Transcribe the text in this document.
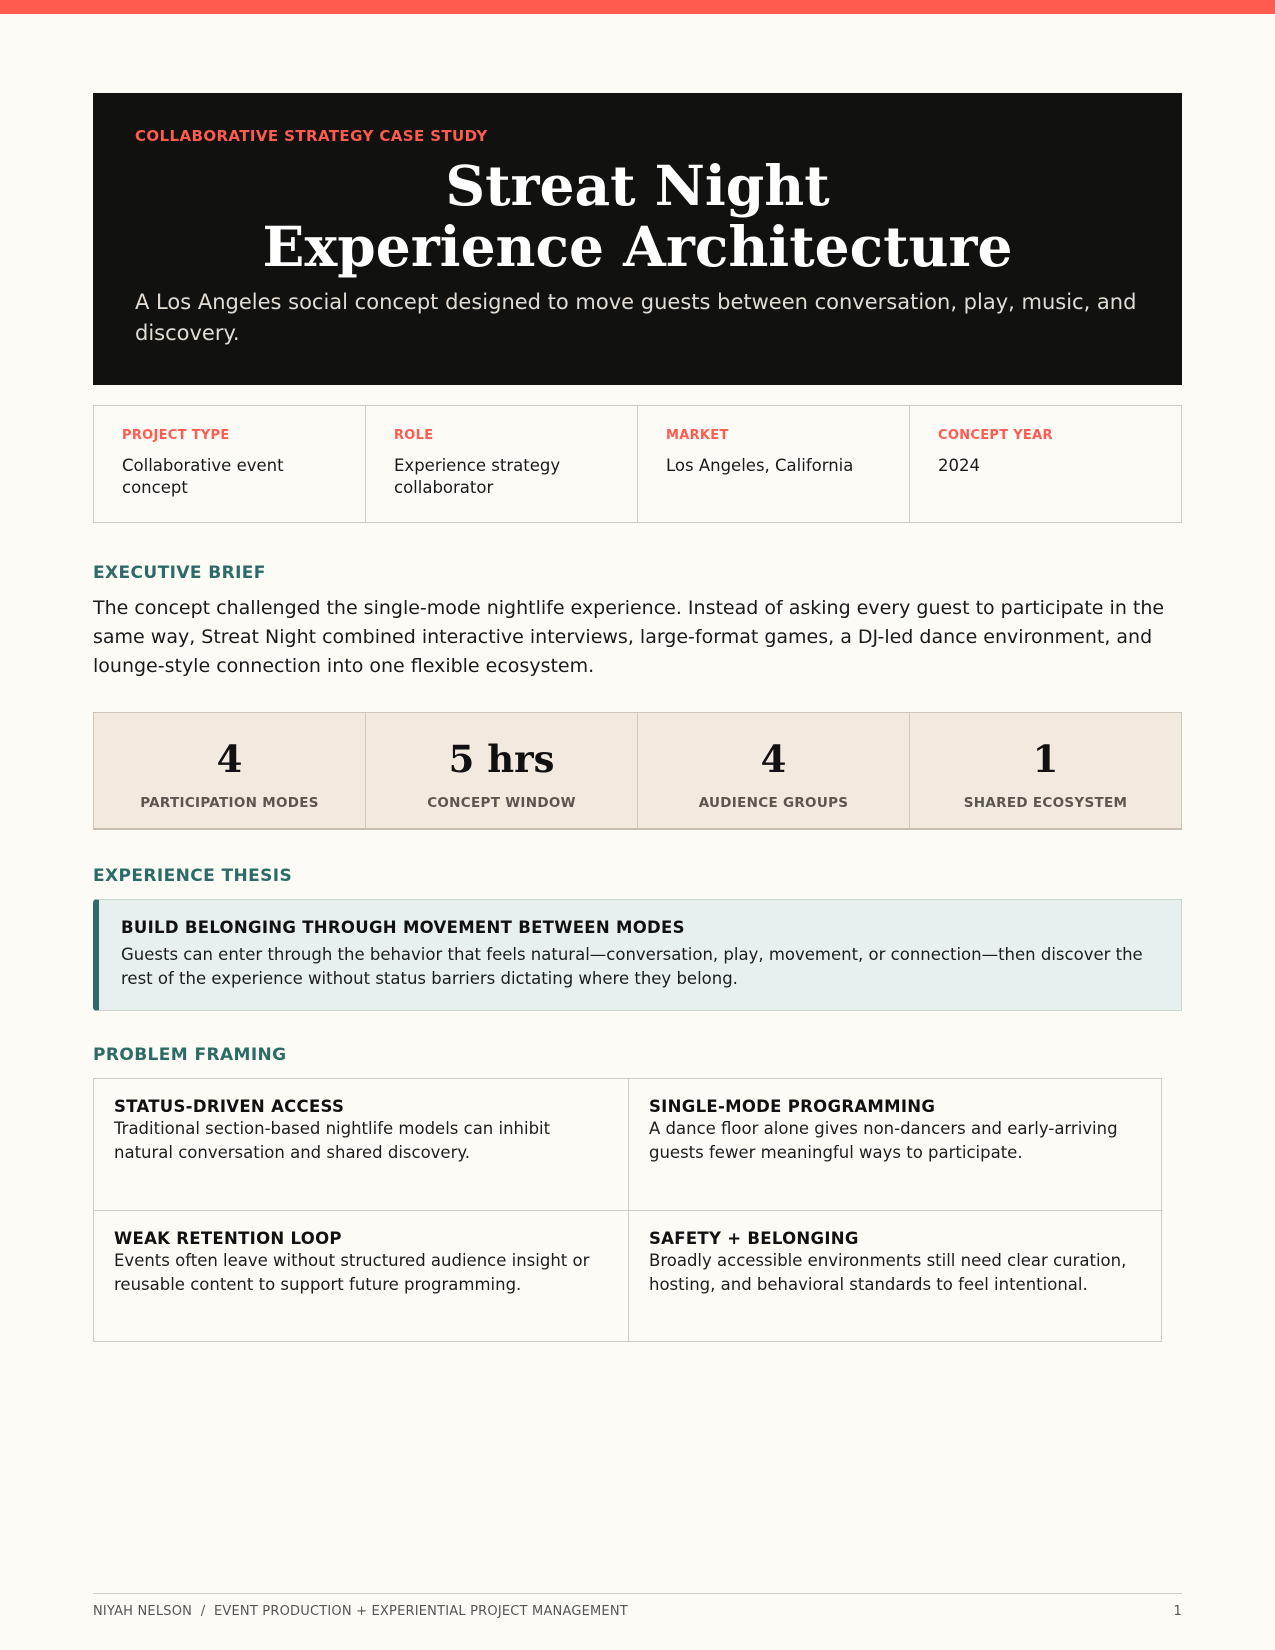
COLLABORATIVE STRATEGY CASE STUDY
Streat Night
Experience Architecture
A Los Angeles social concept designed to move guests between conversation, play, music, and discovery.
PROJECT TYPE
Collaborative event concept
ROLE
Experience strategy collaborator
MARKET
Los Angeles, California
CONCEPT YEAR
2024
EXECUTIVE BRIEF
The concept challenged the single-mode nightlife experience. Instead of asking every guest to participate in the same way, Streat Night combined interactive interviews, large-format games, a DJ-led dance environment, and lounge-style connection into one flexible ecosystem.
4
PARTICIPATION MODES
5 hrs
CONCEPT WINDOW
4
AUDIENCE GROUPS
1
SHARED ECOSYSTEM
EXPERIENCE THESIS
BUILD BELONGING THROUGH MOVEMENT BETWEEN MODES
Guests can enter through the behavior that feels natural—conversation, play, movement, or connection—then discover the rest of the experience without status barriers dictating where they belong.
PROBLEM FRAMING
STATUS-DRIVEN ACCESS
Traditional section-based nightlife models can inhibit natural conversation and shared discovery.
SINGLE-MODE PROGRAMMING
A dance floor alone gives non-dancers and early-arriving guests fewer meaningful ways to participate.
WEAK RETENTION LOOP
Events often leave without structured audience insight or reusable content to support future programming.
SAFETY + BELONGING
Broadly accessible environments still need clear curation, hosting, and behavioral standards to feel intentional.
NIYAH NELSON  /  EVENT PRODUCTION + EXPERIENTIAL PROJECT MANAGEMENT	1
